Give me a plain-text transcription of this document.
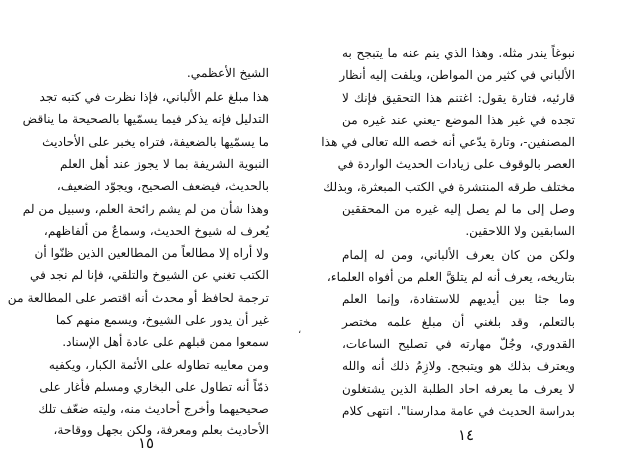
الشيخ الأعظمي.
هذا مبلغ علم الألباني، فإذا نظرت في كتبه تجد
التدليل فإنه يذكر فيما يسمّيها بالصحيحة ما يناقض
ما يسمّيها بالضعيفة، فتراه يخبر على الأحاديث
النبوية الشريفة بما لا يجوز عند أهل العلم
بالحديث، فيضعف الصحيح، ويجوّد الضعيف،
وهذا شأن من لم يشم رائحة العلم، وسبيل من لم
يُعرف له شيوخ الحديث، وسماعٌ من ألفاظهم،
ولا أراه إلا مطالعاً من المطالعين الذين ظنّوا أن
الكتب تغني عن الشيوخ والتلقي، فإنا لم نجد في
ترجمة لحافظ أو محدث أنه اقتصر على المطالعة من
غير أن يدور على الشيوخ، ويسمع منهم كما
سمعوا ممن قبلهم على عادة أهل الإسناد.
ومن معايبه تطاوله على الأئمة الكبار، ويكفيه
ذمّاً أنه تطاول على البخاري ومسلم فأغار على
صحيحيهما وأخرج أحاديث منه، وليته ضعّف تلك
الأحاديث بعلم ومعرفة، ولكن بجهل ووقاحة،
١٥
،
نبوغاً يندر مثله. وهذا الذي ينم عنه ما يتبجح به
الألباني في كثير من المواطن، ويلفت إليه أنظار
قارئيه، فتارة يقول: اغتنم هذا التحقيق فإنك لا
تجده في غير هذا الموضع -يعني عند غيره من
المصنفين-، وتارة يدّعي أنه خصه الله تعالى في هذا
العصر بالوقوف على زيادات الحديث الواردة في
مختلف طرقه المنتشرة في الكتب المبعثرة، وبذلك
وصل إلى ما لم يصل إليه غيره من المحققين
السابقين ولا اللاحقين.
ولكن من كان يعرف الألباني، ومن له إلمام
بتاريخه، يعرف أنه لم يتلقَّ العلم من أفواه العلماء،
وما جثا بين أيديهم للاستفادة، وإنما العلم
بالتعلم، وقد بلغني أن مبلغ علمه مختصر
القدوري، وجُلّ مهارته في تصليح الساعات،
ويعترف بذلك هو ويتبجح. ولازِمُ ذلك أنه والله
لا يعرف ما يعرفه احاد الطلبة الذين يشتغلون
بدراسة الحديث في عامة مدارسنا". انتهى كلام
١٤
